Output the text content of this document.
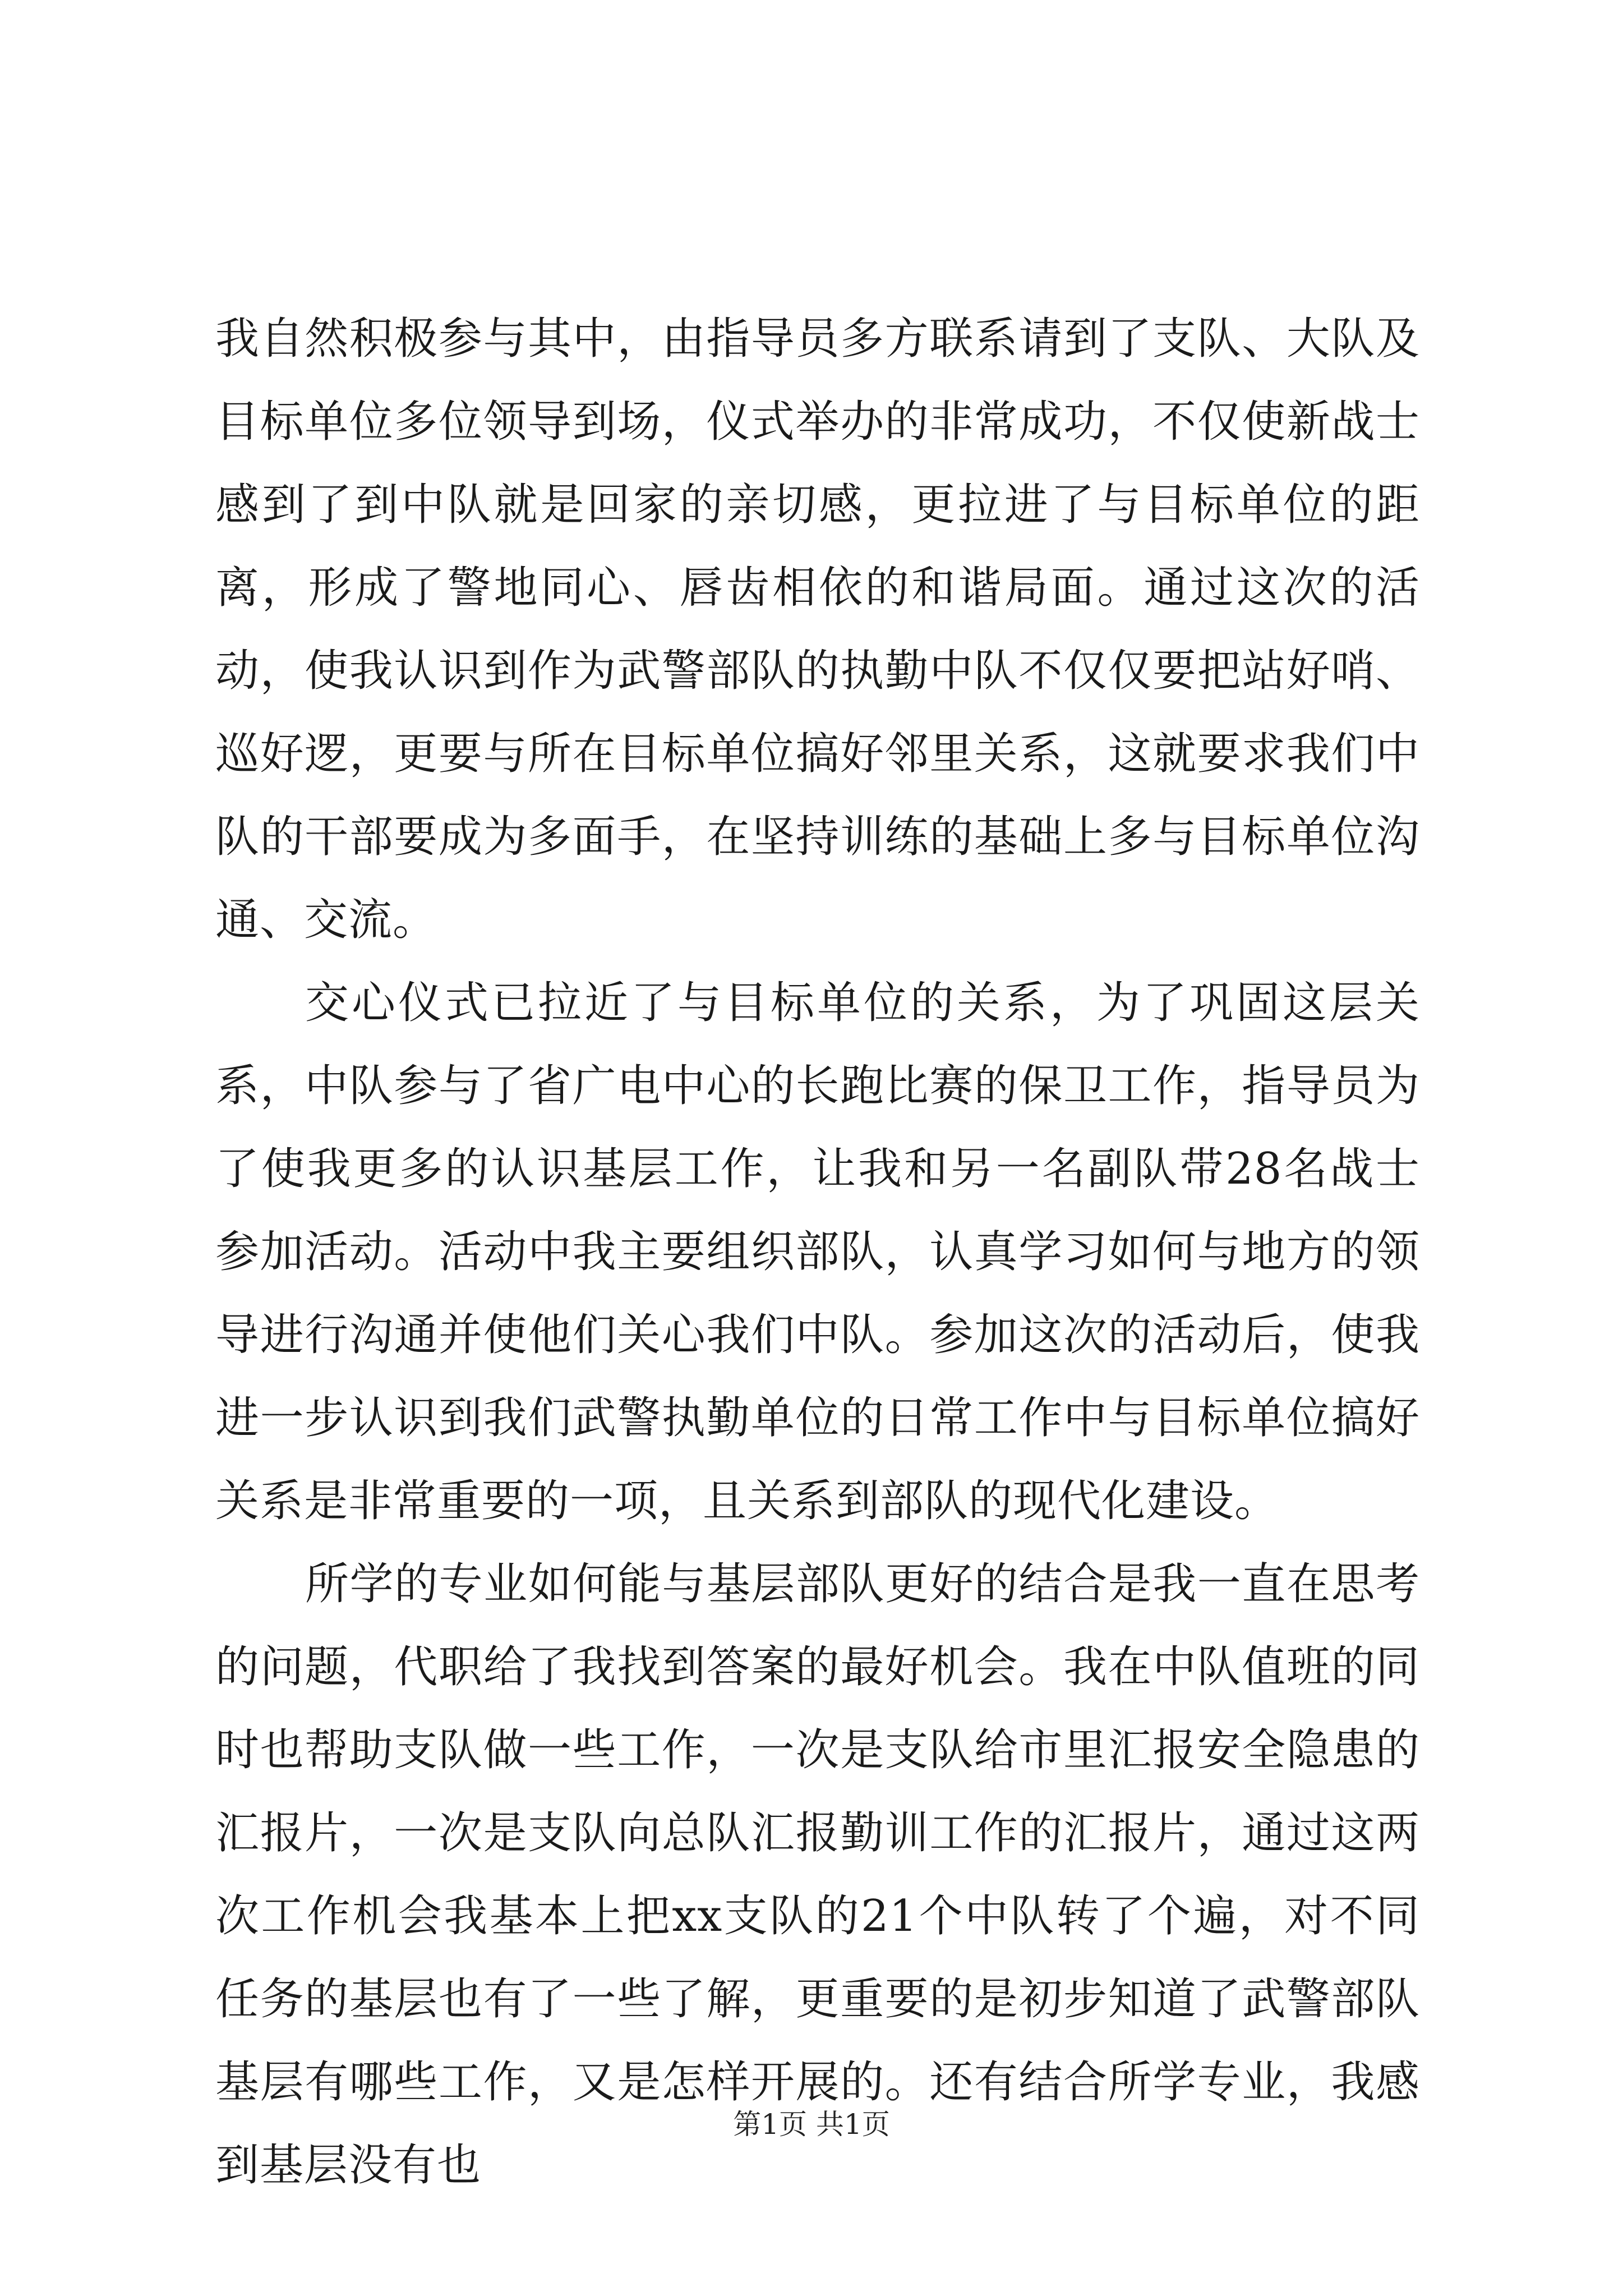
我自然积极参与其中，由指导员多方联系请到了支队、大队及目标单位多位领导到场，仪式举办的非常成功，不仅使新战士感到了到中队就是回家的亲切感，更拉进了与目标单位的距离，形成了警地同心、唇齿相依的和谐局面。通过这次的活动，使我认识到作为武警部队的执勤中队不仅仅要把站好哨、巡好逻，更要与所在目标单位搞好邻里关系，这就要求我们中队的干部要成为多面手，在坚持训练的基础上多与目标单位沟通、交流。

交心仪式已拉近了与目标单位的关系，为了巩固这层关系，中队参与了省广电中心的长跑比赛的保卫工作，指导员为了使我更多的认识基层工作，让我和另一名副队带28名战士参加活动。活动中我主要组织部队，认真学习如何与地方的领导进行沟通并使他们关心我们中队。参加这次的活动后，使我进一步认识到我们武警执勤单位的日常工作中与目标单位搞好关系是非常重要的一项，且关系到部队的现代化建设。

所学的专业如何能与基层部队更好的结合是我一直在思考的问题，代职给了我找到答案的最好机会。我在中队值班的同时也帮助支队做一些工作，一次是支队给市里汇报安全隐患的汇报片，一次是支队向总队汇报勤训工作的汇报片，通过这两次工作机会我基本上把xx支队的21个中队转了个遍，对不同任务的基层也有了一些了解，更重要的是初步知道了武警部队基层有哪些工作，又是怎样开展的。还有结合所学专业，我感到基层没有也

第1页 共1页
